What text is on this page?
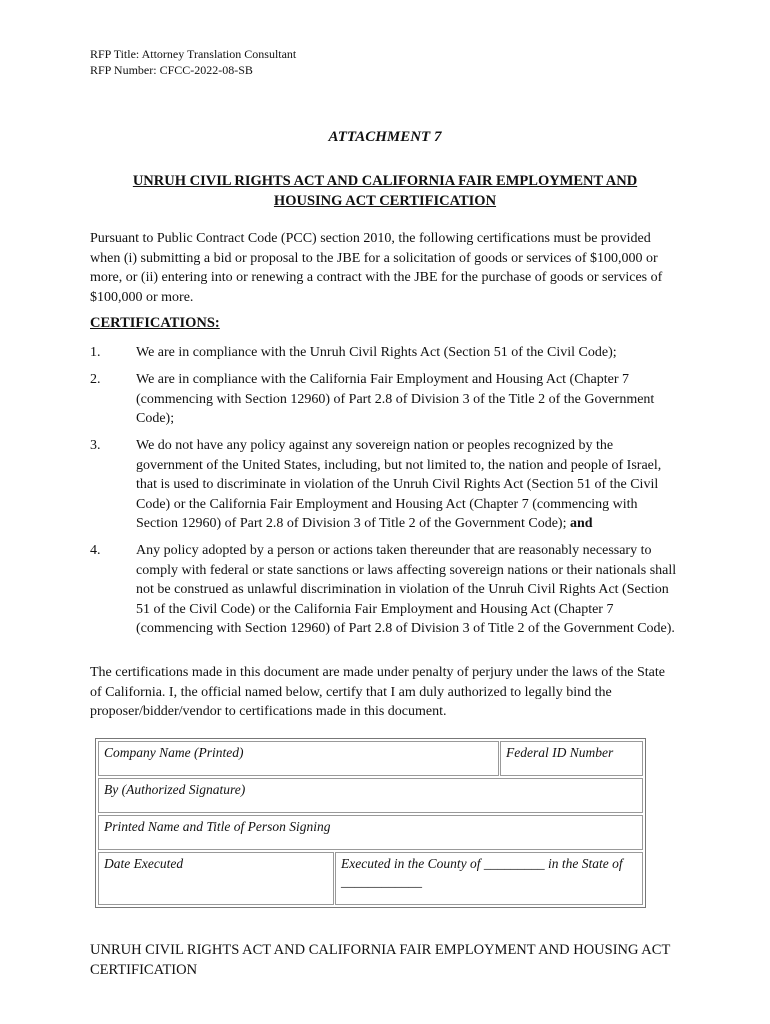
RFP Title: Attorney Translation Consultant
RFP Number: CFCC-2022-08-SB
ATTACHMENT 7
UNRUH CIVIL RIGHTS ACT AND CALIFORNIA FAIR EMPLOYMENT AND HOUSING ACT CERTIFICATION
Pursuant to Public Contract Code (PCC) section 2010, the following certifications must be provided when (i) submitting a bid or proposal to the JBE for a solicitation of goods or services of $100,000 or more, or (ii) entering into or renewing a contract with the JBE for the purchase of goods or services of $100,000 or more.
CERTIFICATIONS:
1.	We are in compliance with the Unruh Civil Rights Act (Section 51 of the Civil Code);
2.	We are in compliance with the California Fair Employment and Housing Act (Chapter 7 (commencing with Section 12960) of Part 2.8 of Division 3 of the Title 2 of the Government Code);
3.	We do not have any policy against any sovereign nation or peoples recognized by the government of the United States, including, but not limited to, the nation and people of Israel, that is used to discriminate in violation of the Unruh Civil Rights Act (Section 51 of the Civil Code) or the California Fair Employment and Housing Act (Chapter 7 (commencing with Section 12960) of Part 2.8 of Division 3 of Title 2 of the Government Code); and
4.	Any policy adopted by a person or actions taken thereunder that are reasonably necessary to comply with federal or state sanctions or laws affecting sovereign nations or their nationals shall not be construed as unlawful discrimination in violation of the Unruh Civil Rights Act (Section 51 of the Civil Code) or the California Fair Employment and Housing Act (Chapter 7 (commencing with Section 12960) of Part 2.8 of Division 3 of Title 2 of the Government Code).
The certifications made in this document are made under penalty of perjury under the laws of the State of California. I, the official named below, certify that I am duly authorized to legally bind the proposer/bidder/vendor to certifications made in this document.
Company Name (Printed)	Federal ID Number
By (Authorized Signature)
Printed Name and Title of Person Signing
Date Executed	Executed in the County of _________ in the State of ____________
UNRUH CIVIL RIGHTS ACT AND CALIFORNIA FAIR EMPLOYMENT AND HOUSING ACT CERTIFICATION
